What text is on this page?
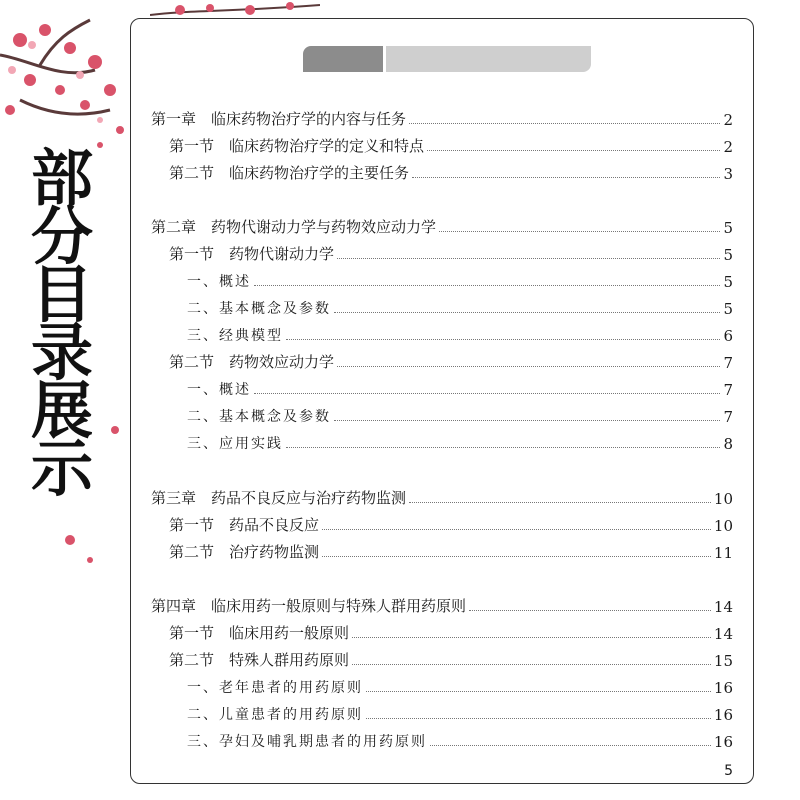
部
分
目
录
展
示
第一章　临床药物治疗学的内容与任务	2
第一节　临床药物治疗学的定义和特点	2
第二节　临床药物治疗学的主要任务	3
第二章　药物代谢动力学与药物效应动力学	5
第一节　药物代谢动力学	5
一、概述	5
二、基本概念及参数	5
三、经典模型	6
第二节　药物效应动力学	7
一、概述	7
二、基本概念及参数	7
三、应用实践	8
第三章　药品不良反应与治疗药物监测	10
第一节　药品不良反应	10
第二节　治疗药物监测	11
第四章　临床用药一般原则与特殊人群用药原则	14
第一节　临床用药一般原则	14
第二节　特殊人群用药原则	15
一、老年患者的用药原则	16
二、儿童患者的用药原则	16
三、孕妇及哺乳期患者的用药原则	16
5
